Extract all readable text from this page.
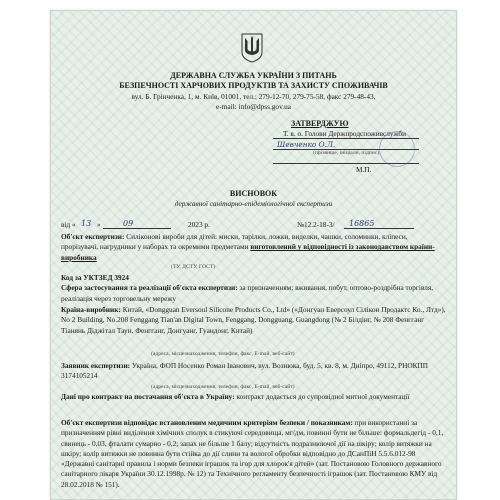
ДЕРЖАВНА СЛУЖБА УКРАЇНИ З ПИТАНЬ
БЕЗПЕЧНОСТІ ХАРЧОВИХ ПРОДУКТІВ ТА ЗАХИСТУ СПОЖИВАЧІВ
вул. Б. Грінченка, 1, м. Київ, 01001, тел.: 279-12-70, 279-75-58, факс 279-48-43,
e-mail: info@dpss.gov.ua
ЗАТВЕРДЖУЮ
Т. в. о. Голови Держпродспоживслужби
Шевченко О.Л.
(прізвище, ініціали, підпис)
М.П.
ВИСНОВОК
державної санітарно-епідеміологічної експертизи
від « 13 »	09	2023 р.	№12.2-18-3/ 16865
Об'єкт експертизи: Силіконові вироби для дітей: миски, тарілки, ложки, виделки, чашки, соломинки, кліпеси, прорізувачі, нагрудники у наборах та окремими предметами виготовлений у відповідності із законодавством країни-виробника
(ТУ, ДСТУ, ГОСТ)
Код за УКТЗЕД 3924
Сфера застосування та реалізації об'єкта експертизи: за призначенням; вживання, побут, оптово-роздрібна торгівля, реалізація через торговельну мережу
Країна-виробник: Китай, «Dongguan Eversoul Silicone Products Co., Ltd» («Донгуан Еверсоул Сілікон Продактс Ко., Лтд»), No 2 Building, No.208 Fenggang Tian'an Digital Town, Fenggang, Dongguang, Guangdong (№ 2 Білдінг, № 208 Фенгганг Тіанянь Діджітал Таун, Фенгганг, Донгуанг, Гуандонг, Китай)
(адреса, місцезнаходження, телефон, факс, E-mail, веб-сайт)
Заявник експертизи: Україна, ФОП Носенко Роман Іванович, вул. Вознюка, буд. 5, кв. 8, м. Дніпро, 49112, РНОКПП 3174105214
(адреса, місцезнаходження, телефон, факс, E-mail, веб-сайт)
Дані про контракт на постачання об'єкта в Україну: контракт додається до супровідної митної документації
Об'єкт експертизи відповідає встановленим медичним критеріям безпеки / показникам: при використанні за призначенням рівні виділення хімічних сполук в стикуючі середовища, мг/дм, повинні бути не більше: формальдегід - 0,1, свинець - 0,03, фталати сумарно - 0,2; запах не більше 1 балу; відсутність подразнюючої дії на шкіру; колір витяжки на шкіру; колір витяжки не повинна бути стійка до дії слини та вологої обробки відповідно до ДСанПіН 5.5.6.012-98 «Державні санітарні правила і норми безпеки іграшок та ігор для хлорок'я дітей» (зат. Постановою Головного державного санітарного лікаря України 30.12.1998р. № 12) та Технічного регламенту безпечності іграшок (зат. Постановою КМУ від 28.02.2018 № 151).
